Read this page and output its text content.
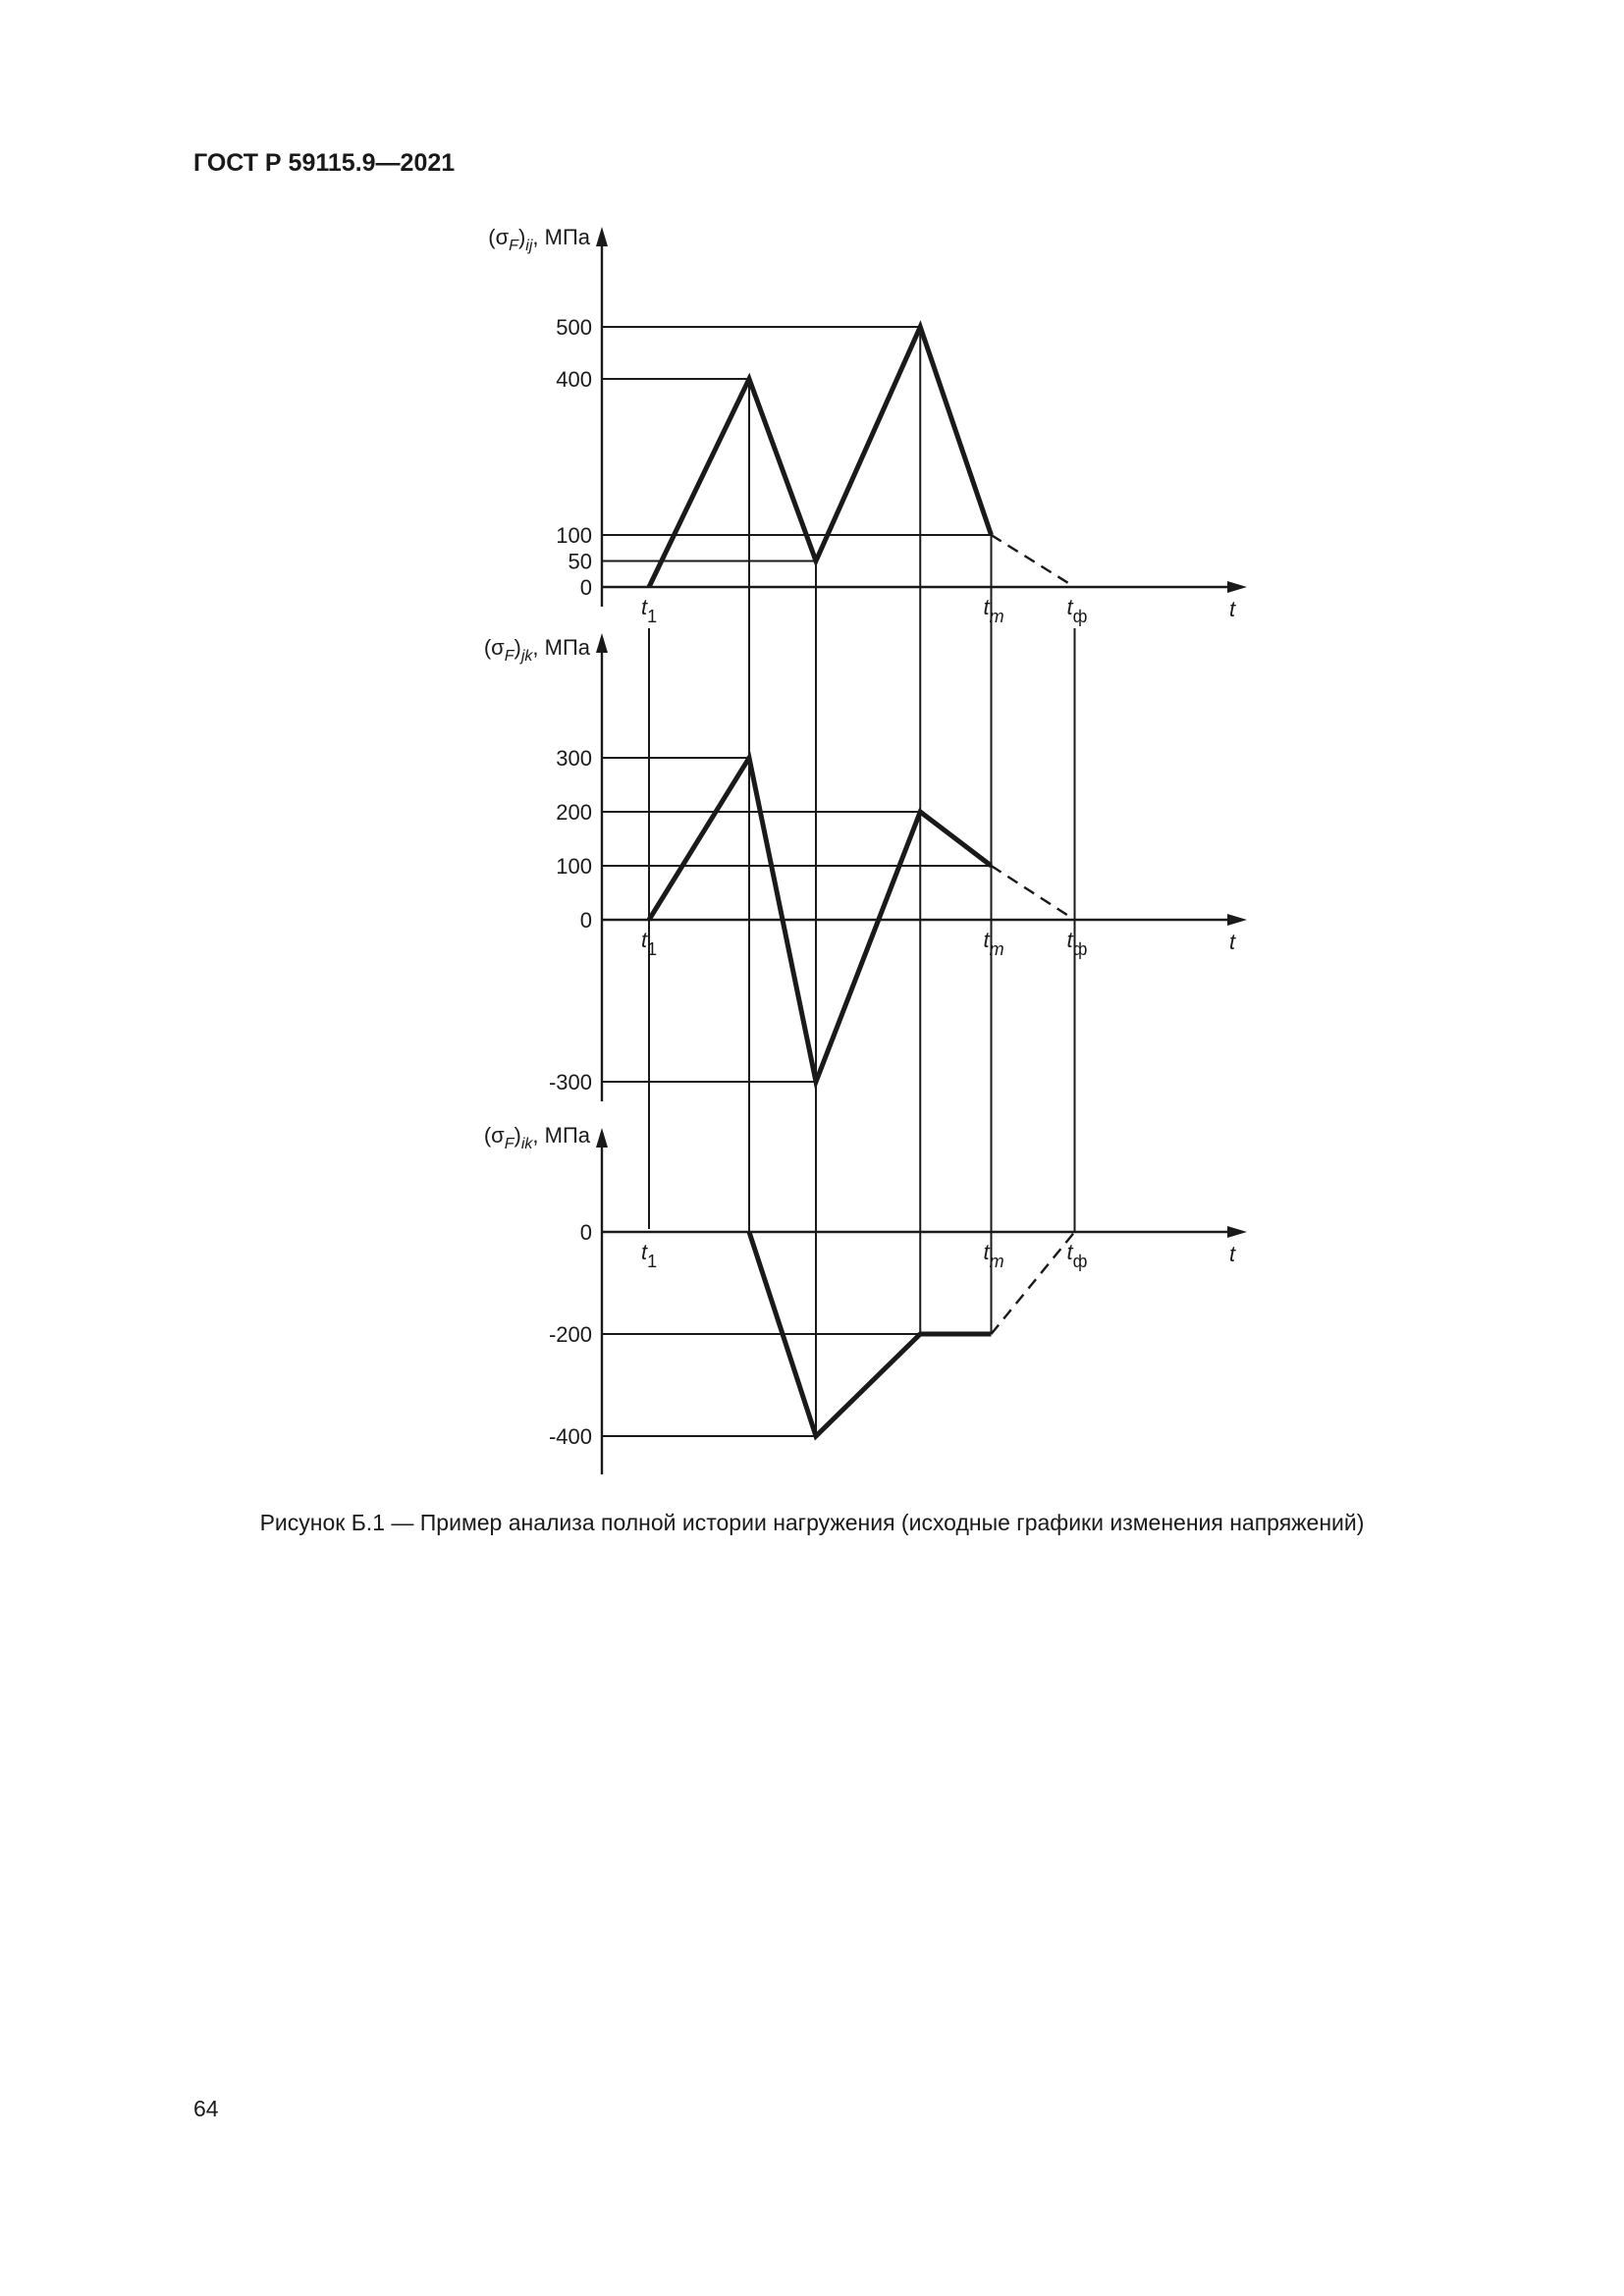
ГОСТ Р 59115.9—2021
0
50
100
400
500
$(\sigma_F)_{ij}$, МПа
$t_1$	$t_m$	$t_ф$	t
-300
0
100
200
300
$(\sigma_F)_{jk}$, МПа
$t_1$	$t_m$	$t_ф$	t
-400
-200
0
$(\sigma_F)_{ik}$, МПа
$t_1$	$t_m$	$t_ф$	t
Рисунок Б.1 — Пример анализа полной истории нагружения (исходные графики изменения напряжений)
64
